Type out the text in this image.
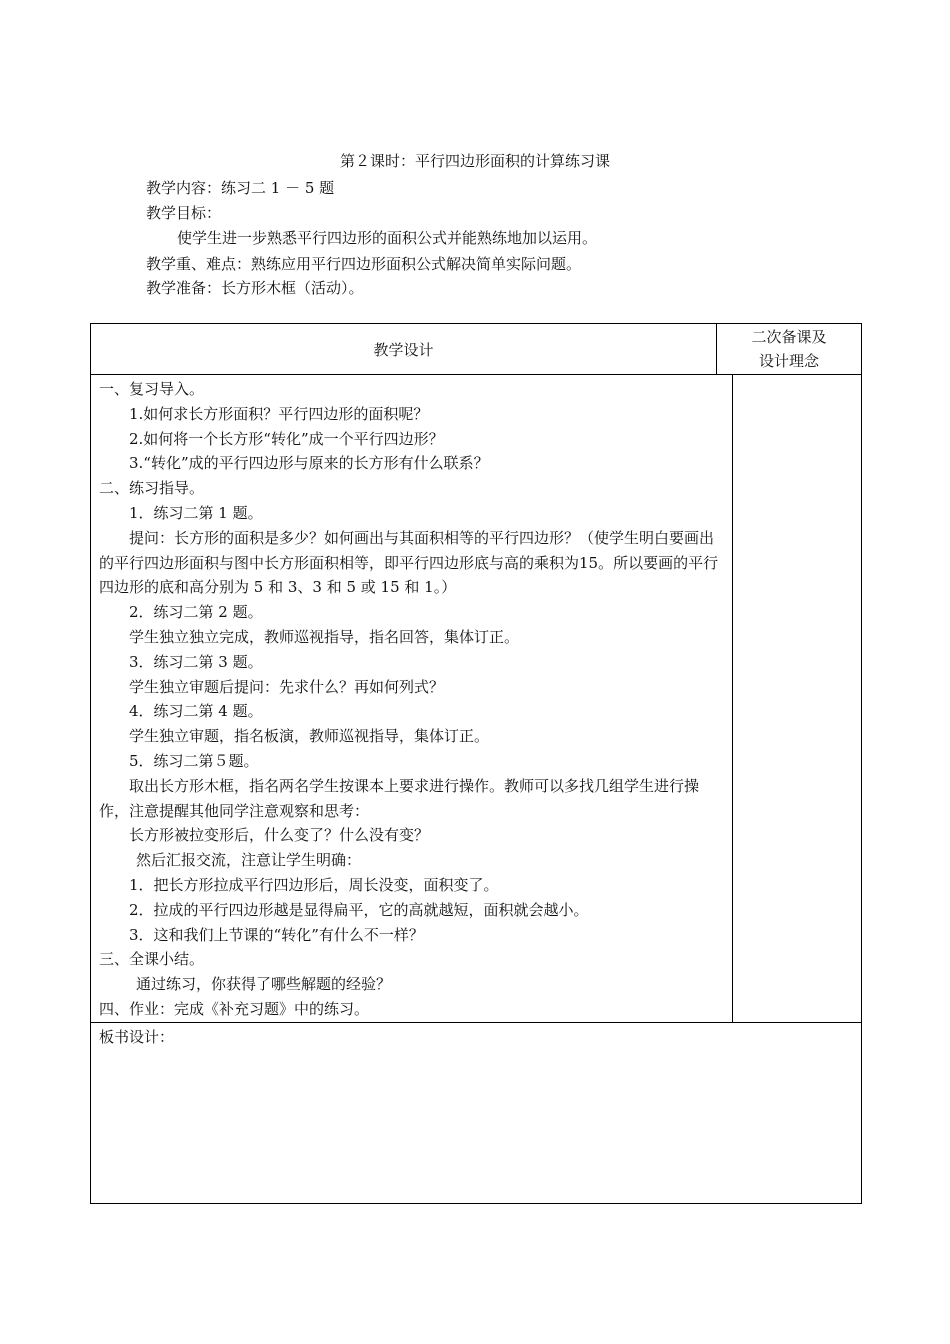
第２课时：平行四边形面积的计算练习课
教学内容：练习二 1 － 5 题
教学目标：
使学生进一步熟悉平行四边形的面积公式并能熟练地加以运用。
教学重、难点：熟练应用平行四边形面积公式解决简单实际问题。
教学准备：长方形木框（活动）。
教学设计
二次备课及
设计理念
一、复习导入。
1.如何求长方形面积？平行四边形的面积呢？
2.如何将一个长方形“转化”成一个平行四边形？
3.“转化”成的平行四边形与原来的长方形有什么联系？
二、练习指导。
1．练习二第 1 题。
提问：长方形的面积是多少？如何画出与其面积相等的平行四边形？（使学生明白要画出的平行四边形面积与图中长方形面积相等，即平行四边形底与高的乘积为15。所以要画的平行四边形的底和高分别为 5 和 3、3 和 5 或 15 和 1。）
2．练习二第 2 题。
学生独立独立完成，教师巡视指导，指名回答，集体订正。
3．练习二第 3 题。
学生独立审题后提问：先求什么？再如何列式？
4．练习二第 4 题。
学生独立审题，指名板演，教师巡视指导，集体订正。
5．练习二第５题。
取出长方形木框，指名两名学生按课本上要求进行操作。教师可以多找几组学生进行操作，注意提醒其他同学注意观察和思考：
长方形被拉变形后，什么变了？什么没有变？
然后汇报交流，注意让学生明确：
1．把长方形拉成平行四边形后，周长没变，面积变了。
2．拉成的平行四边形越是显得扁平，它的高就越短，面积就会越小。
3．这和我们上节课的“转化”有什么不一样？
三、全课小结。
通过练习，你获得了哪些解题的经验？
四、作业：完成《补充习题》中的练习。
板书设计：
